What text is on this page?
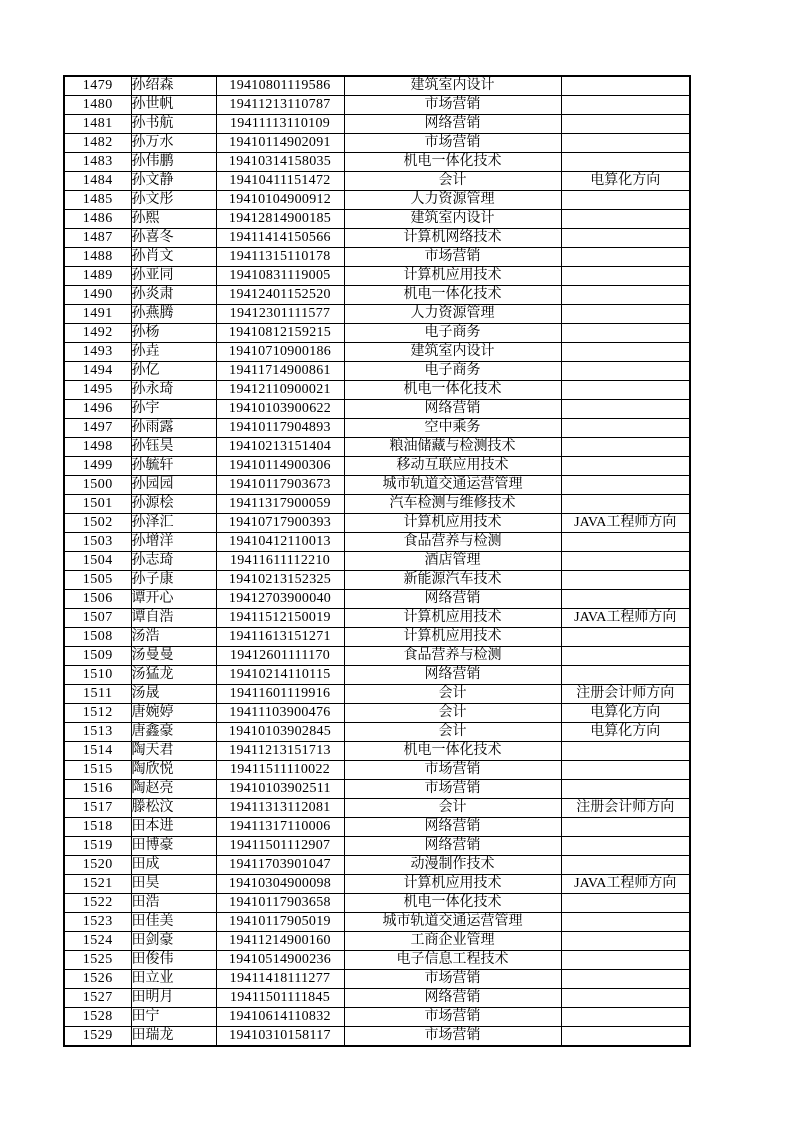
1479	孙绍森	19410801119586	建筑室内设计	
1480	孙世帆	19411213110787	市场营销	
1481	孙书航	19411113110109	网络营销	
1482	孙万水	19410114902091	市场营销	
1483	孙伟鹏	19410314158035	机电一体化技术	
1484	孙文静	19410411151472	会计	电算化方向
1485	孙文彤	19410104900912	人力资源管理	
1486	孙熙	19412814900185	建筑室内设计	
1487	孙喜冬	19411414150566	计算机网络技术	
1488	孙肖文	19411315110178	市场营销	
1489	孙亚同	19410831119005	计算机应用技术	
1490	孙炎肃	19412401152520	机电一体化技术	
1491	孙燕腾	19412301111577	人力资源管理	
1492	孙杨	19410812159215	电子商务	
1493	孙垚	19410710900186	建筑室内设计	
1494	孙亿	19411714900861	电子商务	
1495	孙永琦	19412110900021	机电一体化技术	
1496	孙宇	19410103900622	网络营销	
1497	孙雨露	19410117904893	空中乘务	
1498	孙钰昊	19410213151404	粮油储藏与检测技术	
1499	孙毓轩	19410114900306	移动互联应用技术	
1500	孙园园	19410117903673	城市轨道交通运营管理	
1501	孙源桧	19411317900059	汽车检测与维修技术	
1502	孙泽汇	19410717900393	计算机应用技术	JAVA工程师方向
1503	孙增洋	19410412110013	食品营养与检测	
1504	孙志琦	19411611112210	酒店管理	
1505	孙子康	19410213152325	新能源汽车技术	
1506	谭开心	19412703900040	网络营销	
1507	谭自浩	19411512150019	计算机应用技术	JAVA工程师方向
1508	汤浩	19411613151271	计算机应用技术	
1509	汤曼曼	19412601111170	食品营养与检测	
1510	汤猛龙	19410214110115	网络营销	
1511	汤晟	19411601119916	会计	注册会计师方向
1512	唐婉婷	19411103900476	会计	电算化方向
1513	唐鑫豪	19410103902845	会计	电算化方向
1514	陶天君	19411213151713	机电一体化技术	
1515	陶欣悦	19411511110022	市场营销	
1516	陶赵亮	19410103902511	市场营销	
1517	滕松汶	19411313112081	会计	注册会计师方向
1518	田本进	19411317110006	网络营销	
1519	田博豪	19411501112907	网络营销	
1520	田成	19411703901047	动漫制作技术	
1521	田昊	19410304900098	计算机应用技术	JAVA工程师方向
1522	田浩	19410117903658	机电一体化技术	
1523	田佳美	19410117905019	城市轨道交通运营管理	
1524	田剑豪	19411214900160	工商企业管理	
1525	田俊伟	19410514900236	电子信息工程技术	
1526	田立业	19411418111277	市场营销	
1527	田明月	19411501111845	网络营销	
1528	田宁	19410614110832	市场营销	
1529	田瑞龙	19410310158117	市场营销	
